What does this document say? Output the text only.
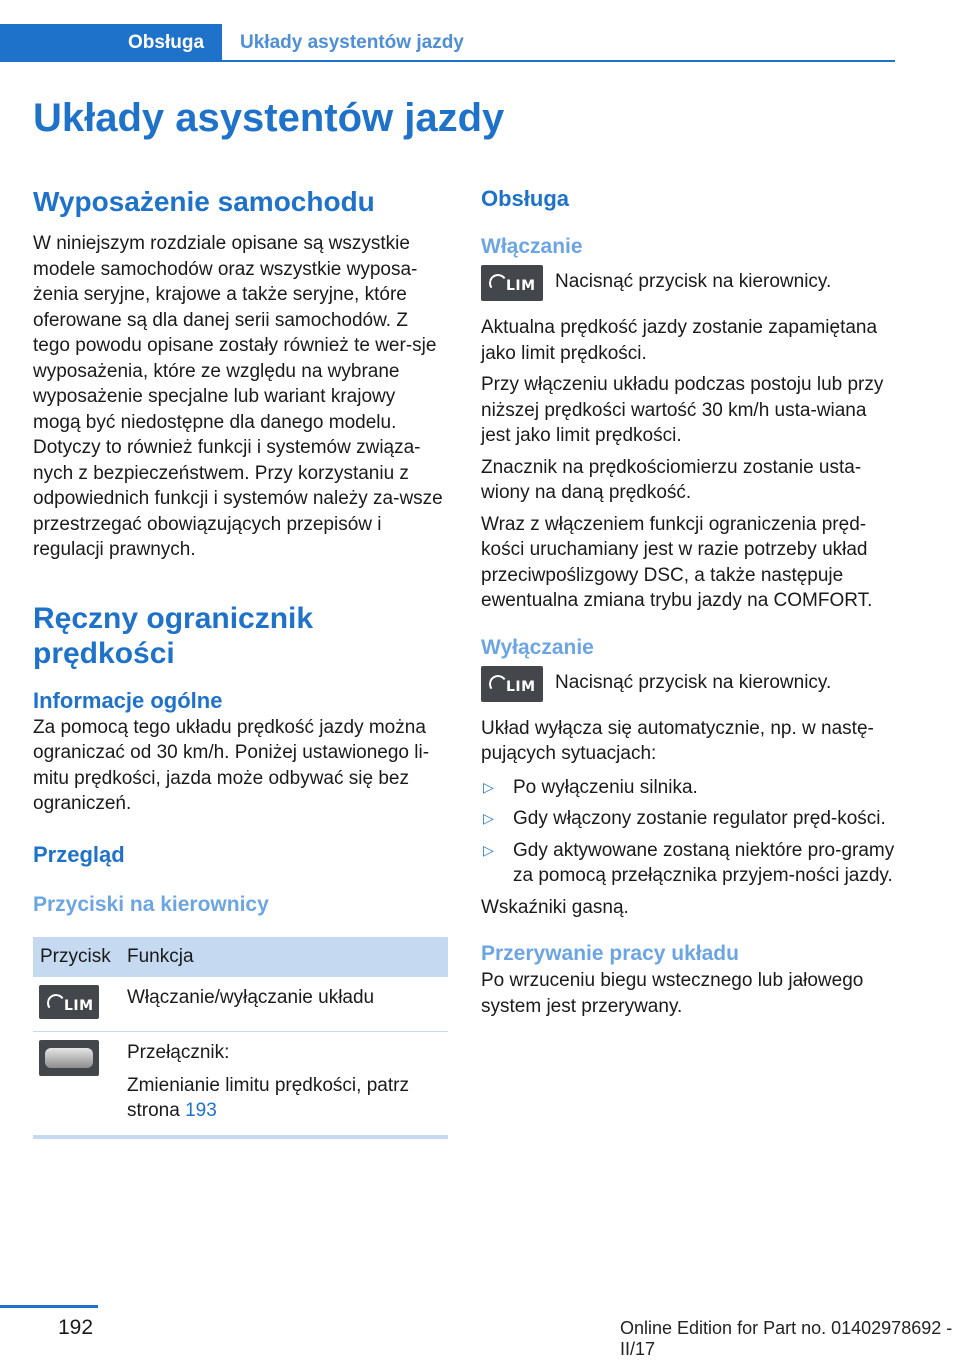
Obsługa	Układy asystentów jazdy
Układy asystentów jazdy
Wyposażenie samochodu

W niniejszym rozdziale opisane są wszystkie modele samochodów oraz wszystkie wyposa‐żenia seryjne, krajowe a także seryjne, które oferowane są dla danej serii samochodów. Z tego powodu opisane zostały również te wer‐sje wyposażenia, które ze względu na wybrane wyposażenie specjalne lub wariant krajowy mogą być niedostępne dla danego modelu. Dotyczy to również funkcji i systemów związa‐nych z bezpieczeństwem. Przy korzystaniu z odpowiednich funkcji i systemów należy za‐wsze przestrzegać obowiązujących przepisów i regulacji prawnych.

Ręczny ogranicznik prędkości
Informacje ogólne

Za pomocą tego układu prędkość jazdy można ograniczać od 30 km/h. Poniżej ustawionego li‐mitu prędkości, jazda może odbywać się bez ograniczeń.

Przegląd
Przyciski na kierownicy
Przycisk	Funkcja

LIM	Włączanie/wyłączanie układu

	Przełącznik:

Zmienianie limitu prędkości, patrz strona 193

Obsługa
Włączanie
LIM Nacisnąć przycisk na kierownicy.

Aktualna prędkość jazdy zostanie zapamiętana jako limit prędkości.

Przy włączeniu układu podczas postoju lub przy niższej prędkości wartość 30 km/h usta‐wiana jest jako limit prędkości.

Znacznik na prędkościomierzu zostanie usta‐wiony na daną prędkość.

Wraz z włączeniem funkcji ograniczenia pręd‐kości uruchamiany jest w razie potrzeby układ przeciwpoślizgowy DSC, a także następuje ewentualna zmiana trybu jazdy na COMFORT.

Wyłączanie
LIM Nacisnąć przycisk na kierownicy.

Układ wyłącza się automatycznie, np. w nastę‐pujących sytuacjach:

▷ Po wyłączeniu silnika.
▷ Gdy włączony zostanie regulator pręd‐kości.
▷ Gdy aktywowane zostaną niektóre pro‐gramy za pomocą przełącznika przyjem‐ności jazdy.

Wskaźniki gasną.

Przerywanie pracy układu

Po wrzuceniu biegu wstecznego lub jałowego system jest przerywany.

192	Online Edition for Part no. 01402978692 - II/17
